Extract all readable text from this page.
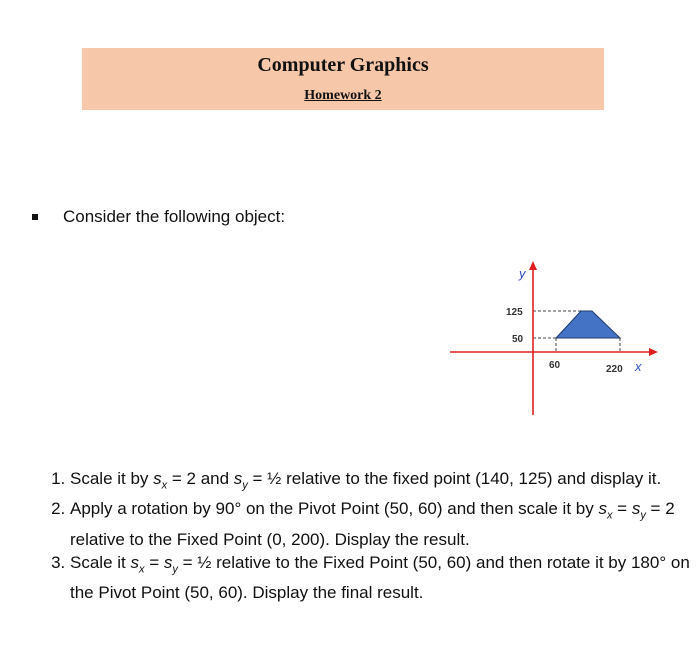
Computer Graphics
Homework 2
Consider the following object:
y
x
125
50
60	220
1. Scale it by $s_x = 2$ and $s_y$ = ½ relative to the fixed point (140, 125) and display it.
2. Apply a rotation by 90° on the Pivot Point (50, 60) and then scale it by $s_x = s_y = 2$ relative to the Fixed Point (0, 200). Display the result.
3. Scale it $s_x = s_y$ = ½ relative to the Fixed Point (50, 60) and then rotate it by 180° on the Pivot Point (50, 60). Display the final result.
